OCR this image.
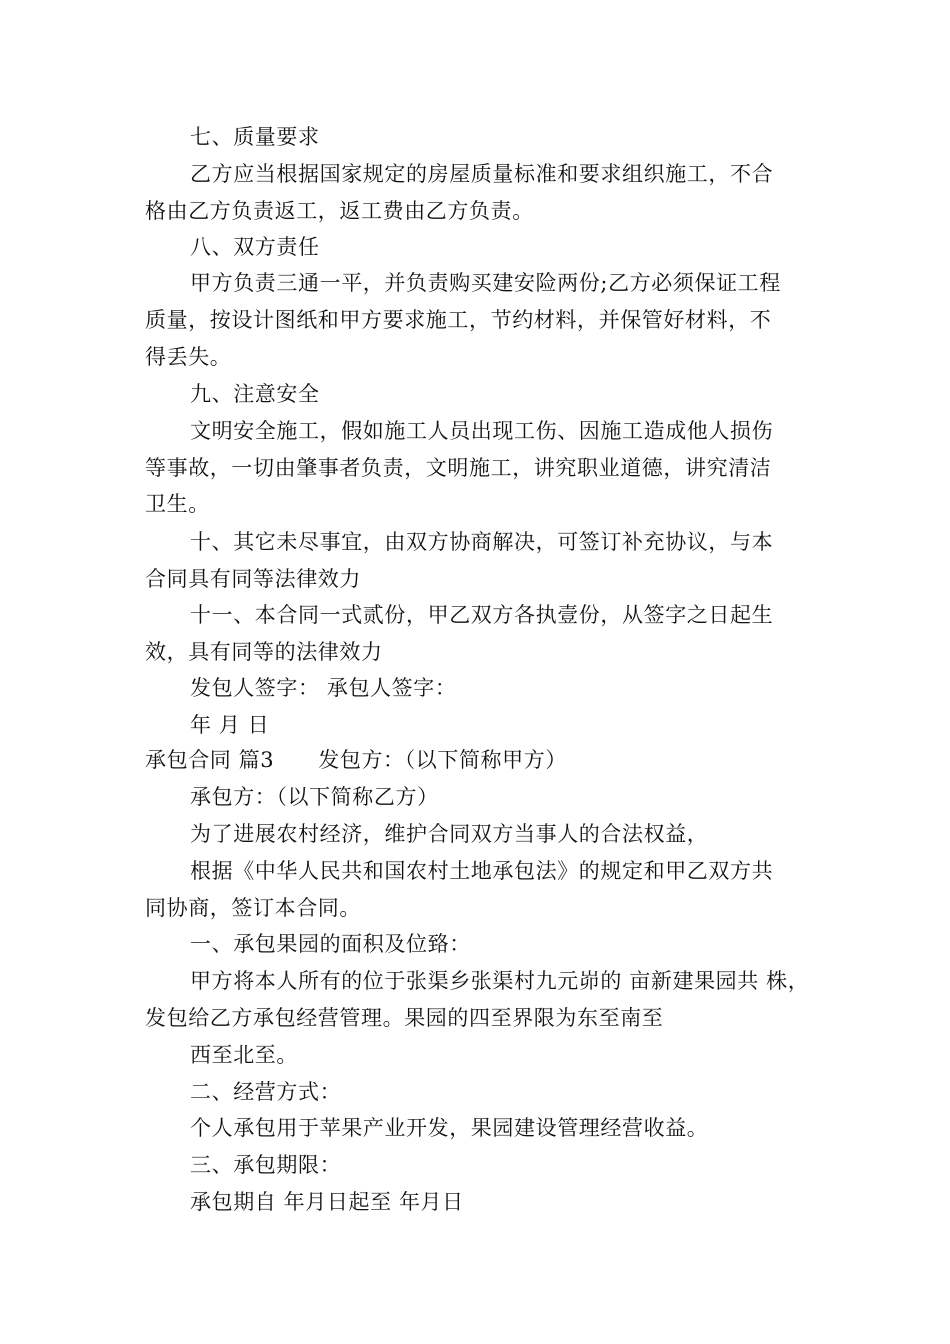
七、质量要求
乙方应当根据国家规定的房屋质量标准和要求组织施工，不合
格由乙方负责返工，返工费由乙方负责。
八、双方责任
甲方负责三通一平，并负责购买建安险两份;乙方必须保证工程
质量，按设计图纸和甲方要求施工，节约材料，并保管好材料，不
得丢失。
九、注意安全
文明安全施工，假如施工人员出现工伤、因施工造成他人损伤
等事故，一切由肇事者负责，文明施工，讲究职业道德，讲究清洁
卫生。
十、其它未尽事宜，由双方协商解决，可签订补充协议，与本
合同具有同等法律效力
十一、本合同一式贰份，甲乙双方各执壹份，从签字之日起生
效，具有同等的法律效力
发包人签字： 承包人签字：
年 月 日
承包合同 篇3 发包方：（以下简称甲方）
承包方：（以下简称乙方）
为了进展农村经济，维护合同双方当事人的合法权益，
根据《中华人民共和国农村土地承包法》的规定和甲乙双方共
同协商，签订本合同。
一、承包果园的面积及位臵：
甲方将本人所有的位于张渠乡张渠村九元峁的 亩新建果园共 株，
发包给乙方承包经营管理。果园的四至界限为东至南至
西至北至。
二、经营方式：
个人承包用于苹果产业开发，果园建设管理经营收益。
三、承包期限：
承包期自 年月日起至 年月日
